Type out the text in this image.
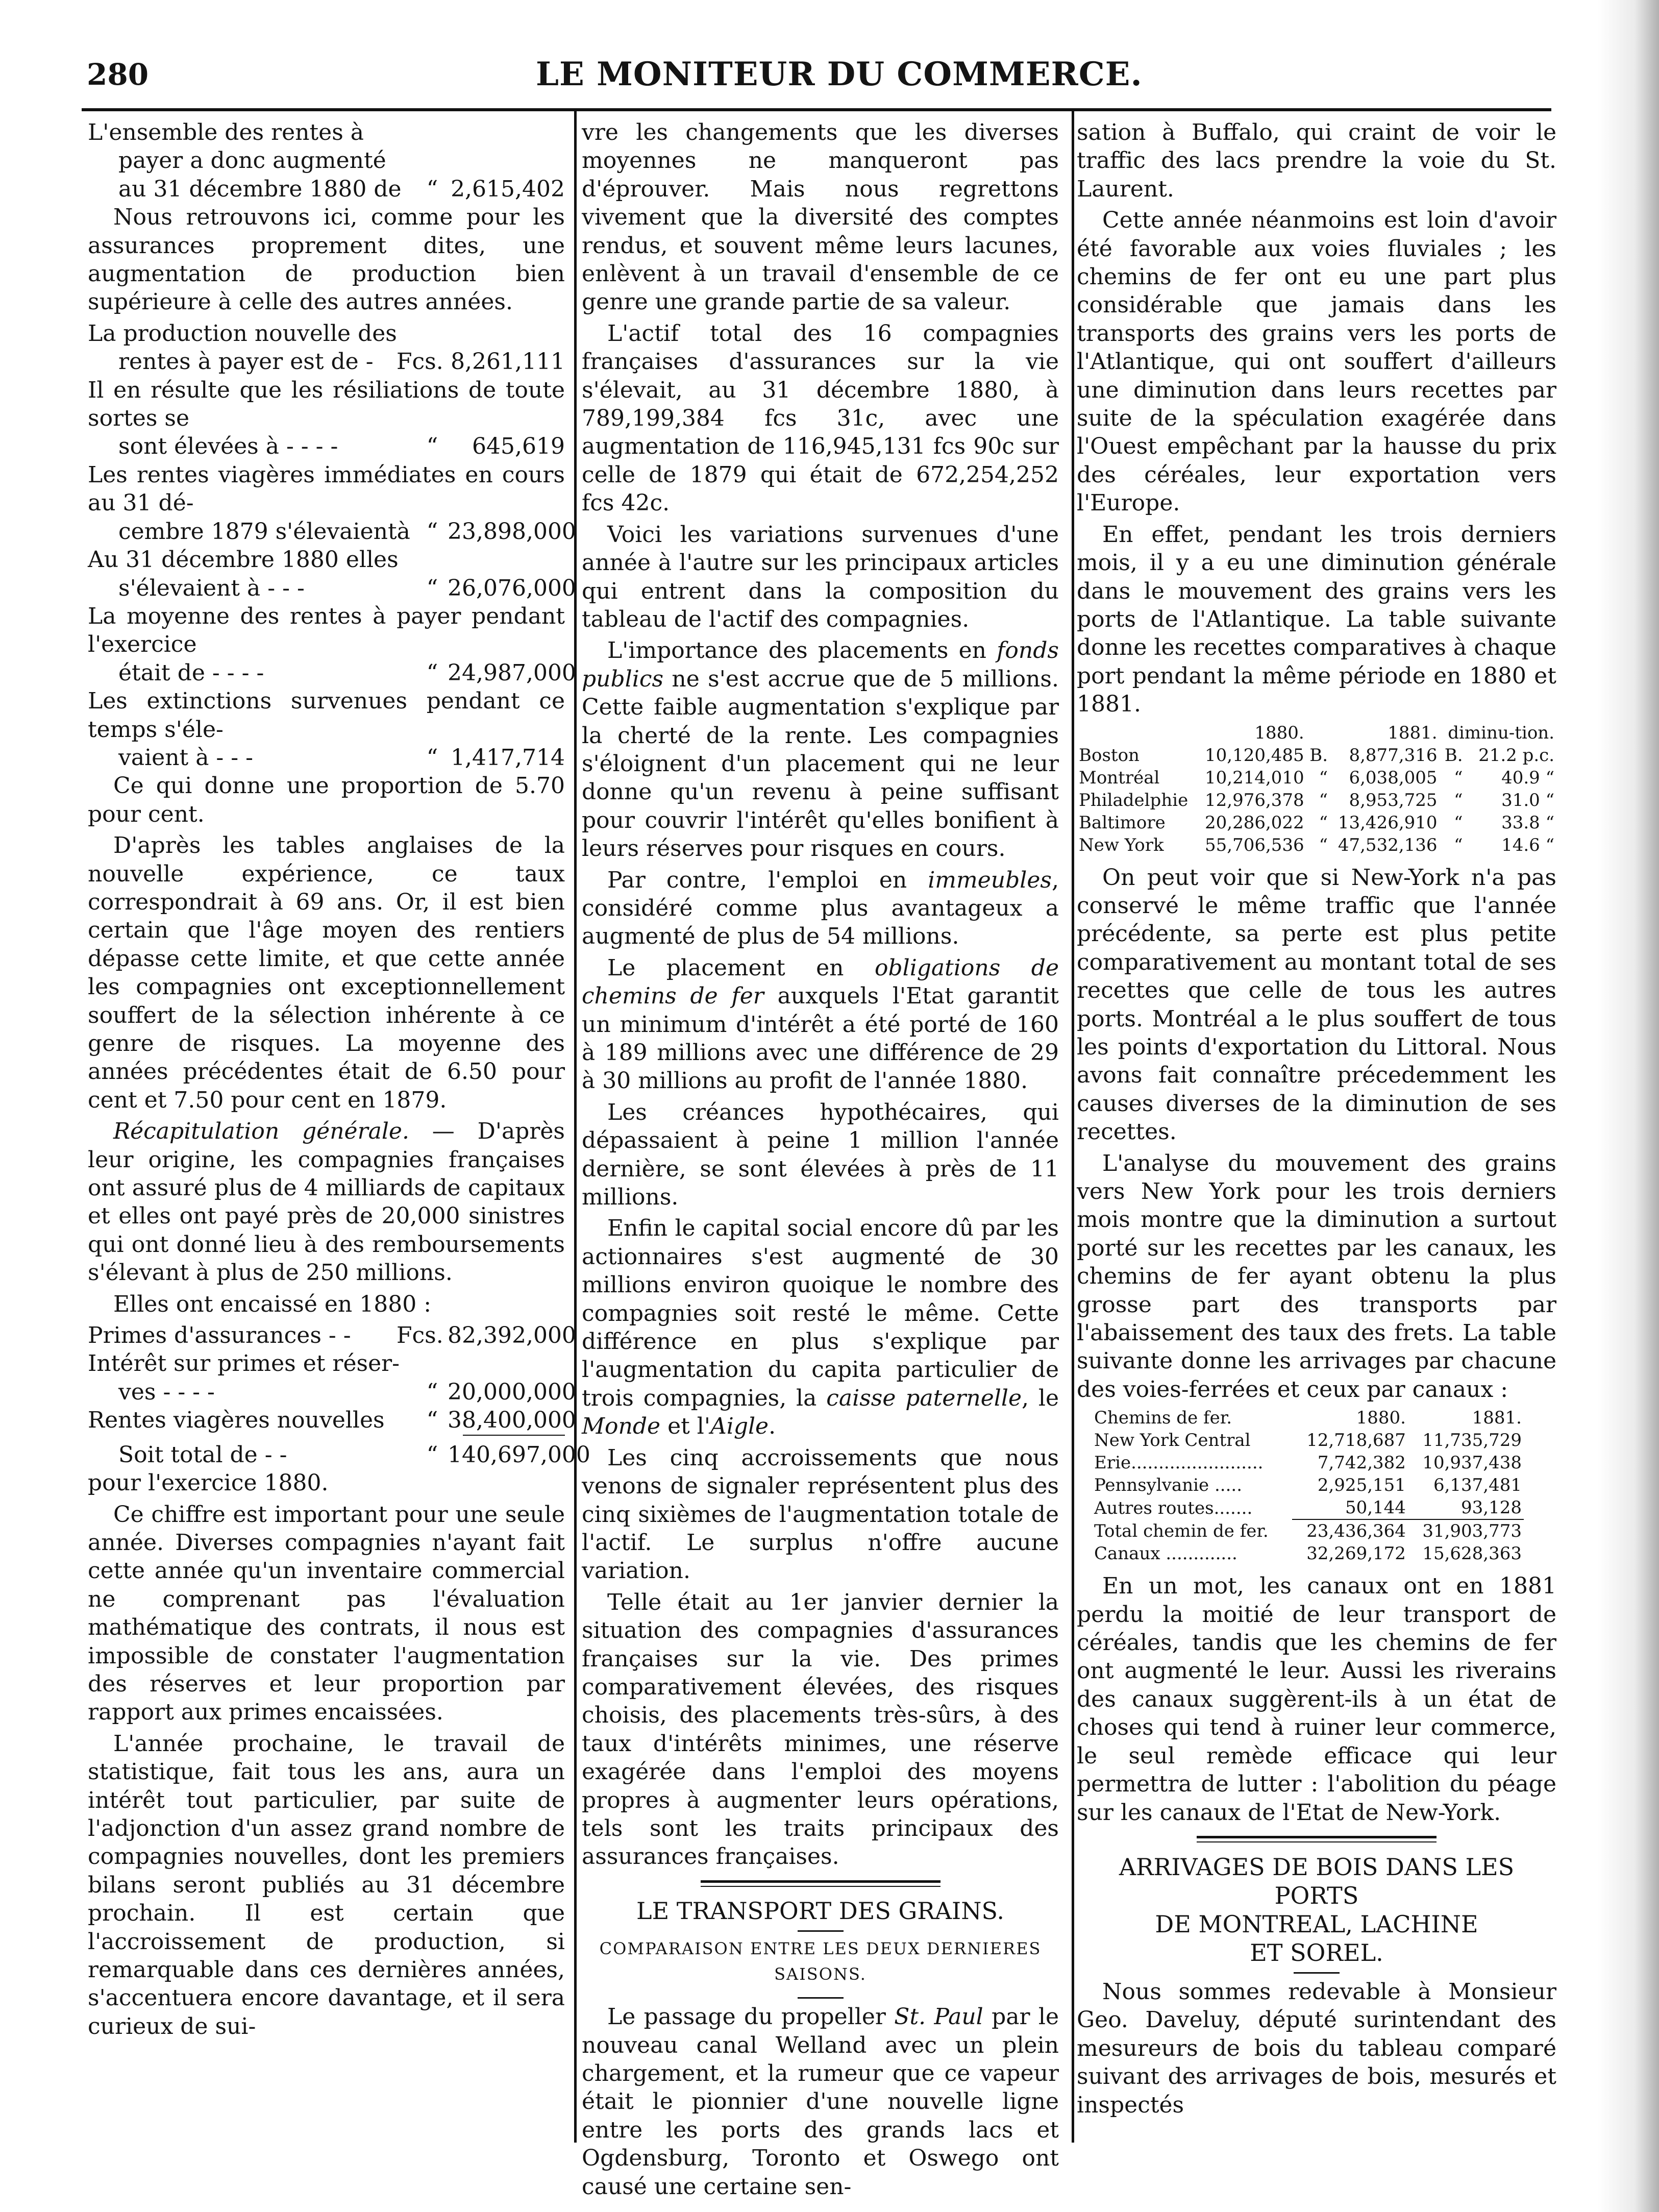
280	LE MONITEUR DU COMMERCE.
L'ensemble des rentes à
payer a donc augmenté
au 31 décembre 1880 de	“ 2,615,402

Nous retrouvons ici, comme pour les assurances proprement dites, une augmentation de production bien supérieure à celle des autres années.

La production nouvelle des
rentes à payer est de -	Fcs. 8,261,111
Il en résulte que les résiliations de toute sortes se
sont élevées à - - - -	“	645,619
Les rentes viagères immédiates en cours au 31 dé-
cembre 1879 s'élevaientà “ 23,898,000
Au 31 décembre 1880 elles
s'élevaient à - - -	“ 26,076,000
La moyenne des rentes à payer pendant l'exercice
était de - - - -	“ 24,987,000
Les extinctions survenues pendant ce temps s'éle-
vaient à - - -	“ 1,417,714

Ce qui donne une proportion de 5.70 pour cent.

D'après les tables anglaises de la nouvelle expérience, ce taux correspondrait à 69 ans. Or, il est bien certain que l'âge moyen des rentiers dépasse cette limite, et que cette année les compagnies ont exceptionnellement souffert de la sélection inhérente à ce genre de risques. La moyenne des années précédentes était de 6.50 pour cent et 7.50 pour cent en 1879.

Récapitulation générale. — D'après leur origine, les compagnies françaises ont assuré plus de 4 milliards de capitaux et elles ont payé près de 20,000 sinistres qui ont donné lieu à des remboursements s'élevant à plus de 250 millions.

Elles ont encaissé en 1880 :

Primes d'assurances - -	Fcs. 82,392,000
Intérêt sur primes et réser-
ves - - - -	“ 20,000,000
Rentes viagères nouvelles	“ 38,400,000
Soit total de - -	“ 140,697,000
pour l'exercice 1880.

Ce chiffre est important pour une seule année. Diverses compagnies n'ayant fait cette année qu'un inventaire commercial ne comprenant pas l'évaluation mathématique des contrats, il nous est impossible de constater l'augmentation des réserves et leur proportion par rapport aux primes encaissées.

L'année prochaine, le travail de statistique, fait tous les ans, aura un intérêt tout particulier, par suite de l'adjonction d'un assez grand nombre de compagnies nouvelles, dont les premiers bilans seront publiés au 31 décembre prochain. Il est certain que l'accroissement de production, si remarquable dans ces dernières années, s'accentuera encore davantage, et il sera curieux de sui-

vre les changements que les diverses moyennes ne manqueront pas d'éprouver. Mais nous regrettons vivement que la diversité des comptes rendus, et souvent même leurs lacunes, enlèvent à un travail d'ensemble de ce genre une grande partie de sa valeur.

L'actif total des 16 compagnies françaises d'assurances sur la vie s'élevait, au 31 décembre 1880, à 789,199,384 fcs 31c, avec une augmentation de 116,945,131 fcs 90c sur celle de 1879 qui était de 672,254,252 fcs 42c.

Voici les variations survenues d'une année à l'autre sur les principaux articles qui entrent dans la composition du tableau de l'actif des compagnies.

L'importance des placements en fonds publics ne s'est accrue que de 5 millions. Cette faible augmentation s'explique par la cherté de la rente. Les compagnies s'éloignent d'un placement qui ne leur donne qu'un revenu à peine suffisant pour couvrir l'intérêt qu'elles bonifient à leurs réserves pour risques en cours.

Par contre, l'emploi en immeubles, considéré comme plus avantageux a augmenté de plus de 54 millions.

Le placement en obligations de chemins de fer auxquels l'Etat garantit un minimum d'intérêt a été porté de 160 à 189 millions avec une différence de 29 à 30 millions au profit de l'année 1880.

Les créances hypothécaires, qui dépassaient à peine 1 million l'année dernière, se sont élevées à près de 11 millions.

Enfin le capital social encore dû par les actionnaires s'est augmenté de 30 millions environ quoique le nombre des compagnies soit resté le même. Cette différence en plus s'explique par l'augmentation du capita particulier de trois compagnies, la caisse paternelle, le Monde et l'Aigle.

Les cinq accroissements que nous venons de signaler représentent plus des cinq sixièmes de l'augmentation totale de l'actif. Le surplus n'offre aucune variation.

Telle était au 1er janvier dernier la situation des compagnies d'assurances françaises sur la vie. Des primes comparativement élevées, des risques choisis, des placements très-sûrs, à des taux d'intérêts minimes, une réserve exagérée dans l'emploi des moyens propres à augmenter leurs opérations, tels sont les traits principaux des assurances françaises.

LE TRANSPORT DES GRAINS.
COMPARAISON ENTRE LES DEUX DERNIERES SAISONS.

Le passage du propeller St. Paul par le nouveau canal Welland avec un plein chargement, et la rumeur que ce vapeur était le pionnier d'une nouvelle ligne entre les ports des grands lacs et Ogdensburg, Toronto et Oswego ont causé une certaine sen-

sation à Buffalo, qui craint de voir le traffic des lacs prendre la voie du St. Laurent.

Cette année néanmoins est loin d'avoir été favorable aux voies fluviales ; les chemins de fer ont eu une part plus considérable que jamais dans les transports des grains vers les ports de l'Atlantique, qui ont souffert d'ailleurs une diminution dans leurs recettes par suite de la spéculation exagérée dans l'Ouest empêchant par la hausse du prix des céréales, leur exportation vers l'Europe.

En effet, pendant les trois derniers mois, il y a eu une diminution générale dans le mouvement des grains vers les ports de l'Atlantique. La table suivante donne les recettes comparatives à chaque port pendant la même période en 1880 et 1881.

	1880.		1881.	diminu-tion.	
Boston	10,120,485	B.	8,877,316	B.	21.2 p.c.
Montréal	10,214,010	“	6,038,005	“	40.9 “
Philadelphie	12,976,378	“	8,953,725	“	31.0 “
Baltimore	20,286,022	“	13,426,910	“	33.8 “
New York	55,706,536	“	47,532,136	“	14.6 “

On peut voir que si New-York n'a pas conservé le même traffic que l'année précédente, sa perte est plus petite comparativement au montant total de ses recettes que celle de tous les autres ports. Montréal a le plus souffert de tous les points d'exportation du Littoral. Nous avons fait connaître précedemment les causes diverses de la diminution de ses recettes.

L'analyse du mouvement des grains vers New York pour les trois derniers mois montre que la diminution a surtout porté sur les recettes par les canaux, les chemins de fer ayant obtenu la plus grosse part des transports par l'abaissement des taux des frets. La table suivante donne les arrivages par chacune des voies-ferrées et ceux par canaux :

Chemins de fer.	1880.	1881.
New York Central	12,718,687	11,735,729
Erie........................	7,742,382	10,937,438
Pennsylvanie .....	2,925,151	6,137,481
Autres routes.......	50,144	93,128

Total chemin de fer.	23,436,364	31,903,773
Canaux .............	32,269,172	15,628,363

En un mot, les canaux ont en 1881 perdu la moitié de leur transport de céréales, tandis que les chemins de fer ont augmenté le leur. Aussi les riverains des canaux suggèrent-ils à un état de choses qui tend à ruiner leur commerce, le seul remède efficace qui leur permettra de lutter : l'abolition du péage sur les canaux de l'Etat de New-York.

ARRIVAGES DE BOIS DANS LES PORTS
DE MONTREAL, LACHINE
ET SOREL.

Nous sommes redevable à Monsieur Geo. Daveluy, député surintendant des mesureurs de bois du tableau comparé suivant des arrivages de bois, mesurés et inspectés
